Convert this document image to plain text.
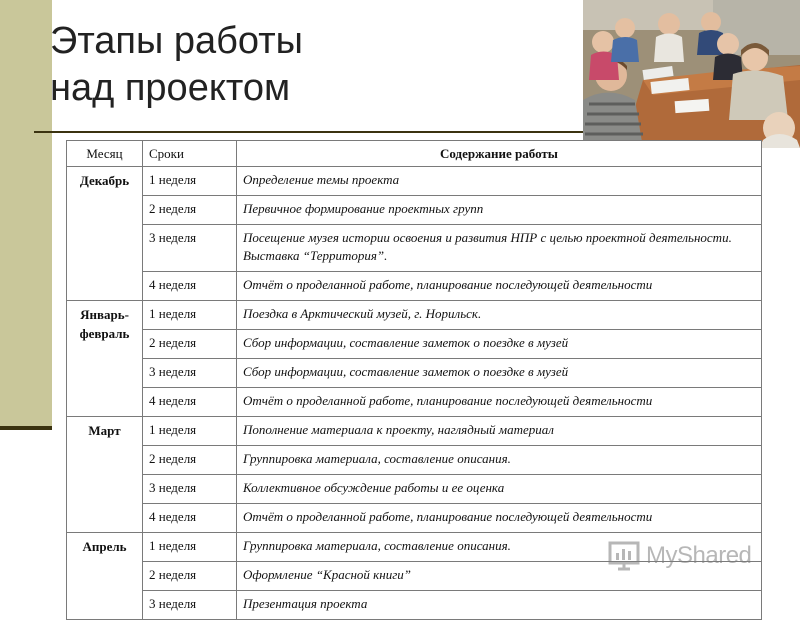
Этапы работы
над проектом
Месяц	Сроки	Содержание работы
Декабрь	1 неделя	Определение темы проекта
	2 неделя	Первичное формирование проектных групп
	3 неделя	Посещение музея истории освоения и развития НПР с целью проектной деятельности. Выставка “Территория”.
	4 неделя	Отчёт о проделанной работе, планирование последующей деятельности
Январь-февраль	1 неделя	Поездка в Арктический музей, г. Норильск.
	2 неделя	Сбор информации, составление заметок о поездке в музей
	3 неделя	Сбор информации, составление заметок о поездке в музей
	4 неделя	Отчёт о проделанной работе, планирование последующей деятельности
Март	1 неделя	Пополнение материала к проекту, наглядный материал
	2 неделя	Группировка материала, составление описания.
	3 неделя	Коллективное обсуждение работы и ее оценка
	4 неделя	Отчёт о проделанной работе, планирование последующей деятельности
Апрель	1 неделя	Группировка материала, составление описания.
	2 неделя	Оформление “Красной книги”
	3 неделя	Презентация проекта
MyShared
